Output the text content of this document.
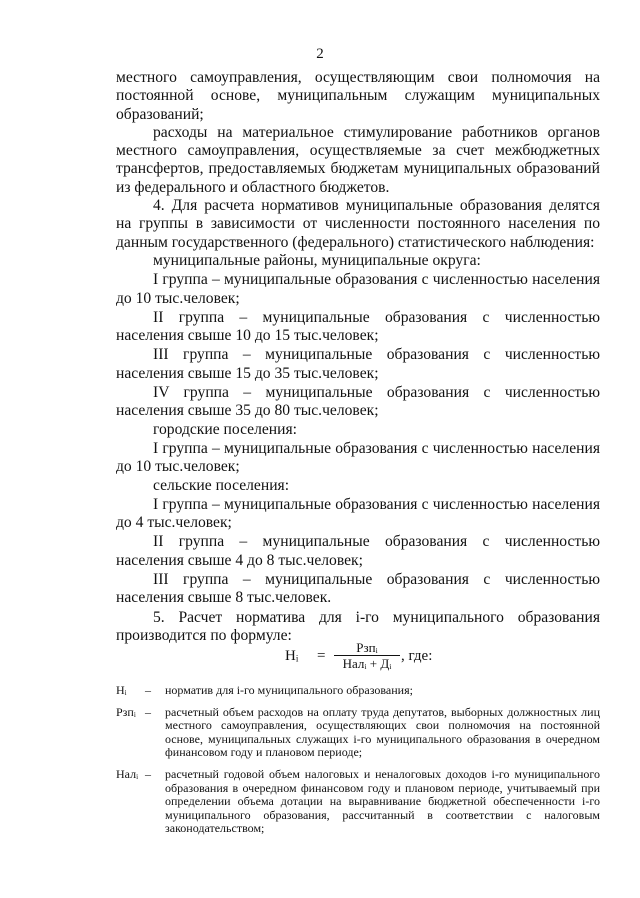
2

местного самоуправления, осуществляющим свои полномочия на постоянной основе, муниципальным служащим муниципальных образований;

расходы на материальное стимулирование работников органов местного самоуправления, осуществляемые за счет межбюджетных трансфертов, предоставляемых бюджетам муниципальных образований из федерального и областного бюджетов.

4. Для расчета нормативов муниципальные образования делятся на группы в зависимости от численности постоянного населения по данным государственного (федерального) статистического наблюдения:

муниципальные районы, муниципальные округа:

I группа – муниципальные образования с численностью населения до 10 тыс.человек;

II группа – муниципальные образования с численностью населения свыше 10 до 15 тыс.человек;

III группа – муниципальные образования с численностью населения свыше 15 до 35 тыс.человек;

IV группа – муниципальные образования с численностью населения свыше 35 до 80 тыс.человек;

городские поселения:

I группа – муниципальные образования с численностью населения до 10 тыс.человек;

сельские поселения:

I группа – муниципальные образования с численностью населения до 4 тыс.человек;

II группа – муниципальные образования с численностью населения свыше 4 до 8 тыс.человек;

III группа – муниципальные образования с численностью населения свыше 8 тыс.человек.

5. Расчет норматива для i-го муниципального образования производится по формуле:

Нᵢ =
Рзпᵢ
Налᵢ + Дᵢ , где:
Нᵢ	–	норматив для i-го муниципального образования;
Рзпᵢ –	расчетный объем расходов на оплату труда депутатов, выборных должностных лиц местного самоуправления, осуществляющих свои полномочия на постоянной основе, муниципальных служащих i-го муниципального образования в очередном финансовом году и плановом периоде;
Налᵢ –	расчетный годовой объем налоговых и неналоговых доходов i-го муниципального образования в очередном финансовом году и плановом периоде, учитываемый при определении объема дотации на выравнивание бюджетной обеспеченности i-го муниципального образования, рассчитанный в соответствии с налоговым законодательством;
